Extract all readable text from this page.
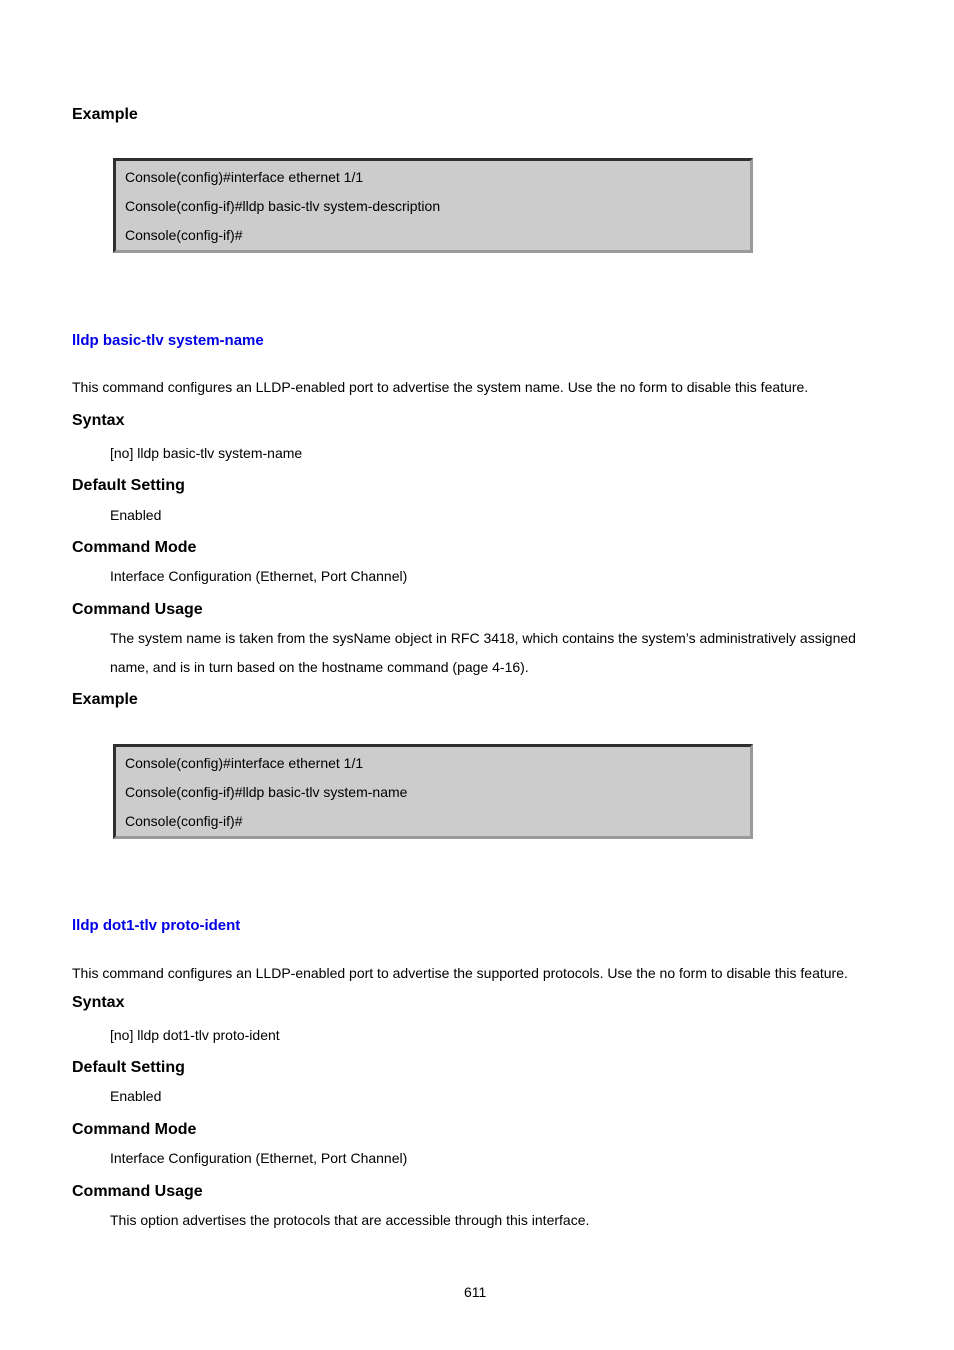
Example
Console(config)#interface ethernet 1/1
Console(config-if)#lldp basic-tlv system-description
Console(config-if)#
lldp basic-tlv system-name
This command configures an LLDP-enabled port to advertise the system name. Use the no form to disable this feature.
Syntax
[no] lldp basic-tlv system-name
Default Setting
Enabled
Command Mode
Interface Configuration (Ethernet, Port Channel)
Command Usage
The system name is taken from the sysName object in RFC 3418, which contains the system’s administratively assigned
name, and is in turn based on the hostname command (page 4-16).
Example
Console(config)#interface ethernet 1/1
Console(config-if)#lldp basic-tlv system-name
Console(config-if)#
lldp dot1-tlv proto-ident
This command configures an LLDP-enabled port to advertise the supported protocols. Use the no form to disable this feature.
Syntax
[no] lldp dot1-tlv proto-ident
Default Setting
Enabled
Command Mode
Interface Configuration (Ethernet, Port Channel)
Command Usage
This option advertises the protocols that are accessible through this interface.
611
